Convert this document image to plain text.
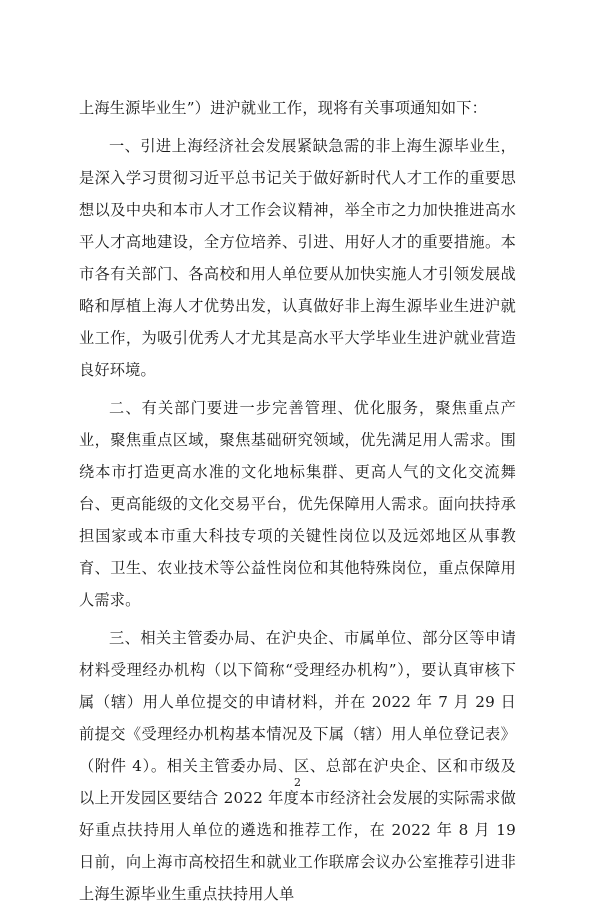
上海生源毕业生”）进沪就业工作，现将有关事项通知如下：

一、引进上海经济社会发展紧缺急需的非上海生源毕业生，是深入学习贯彻习近平总书记关于做好新时代人才工作的重要思想以及中央和本市人才工作会议精神，举全市之力加快推进高水平人才高地建设，全方位培养、引进、用好人才的重要措施。本市各有关部门、各高校和用人单位要从加快实施人才引领发展战略和厚植上海人才优势出发，认真做好非上海生源毕业生进沪就业工作，为吸引优秀人才尤其是高水平大学毕业生进沪就业营造良好环境。

二、有关部门要进一步完善管理、优化服务，聚焦重点产业，聚焦重点区域，聚焦基础研究领域，优先满足用人需求。围绕本市打造更高水准的文化地标集群、更高人气的文化交流舞台、更高能级的文化交易平台，优先保障用人需求。面向扶持承担国家或本市重大科技专项的关键性岗位以及远郊地区从事教育、卫生、农业技术等公益性岗位和其他特殊岗位，重点保障用人需求。

三、相关主管委办局、在沪央企、市属单位、部分区等申请材料受理经办机构（以下简称“受理经办机构”），要认真审核下属（辖）用人单位提交的申请材料，并在 2022 年 7 月 29 日前提交《受理经办机构基本情况及下属（辖）用人单位登记表》（附件 4）。相关主管委办局、区、总部在沪央企、区和市级及以上开发园区要结合 2022 年度本市经济社会发展的实际需求做好重点扶持用人单位的遴选和推荐工作，在 2022 年 8 月 19 日前，向上海市高校招生和就业工作联席会议办公室推荐引进非上海生源毕业生重点扶持用人单

2
